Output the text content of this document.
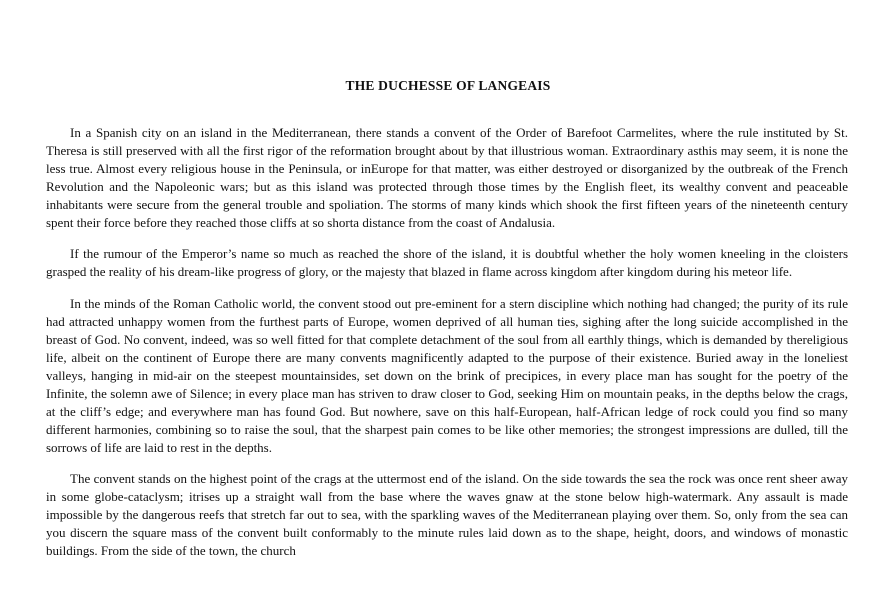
THE DUCHESSE OF LANGEAIS

In a Spanish city on an island in the Mediterranean, there stands a convent of the Order of Barefoot Carmelites, where the rule instituted by St. Theresa is still preserved with all the first rigor of the reformation brought about by that illustrious woman. Extraordinary asthis may seem, it is none the less true. Almost every religious house in the Peninsula, or inEurope for that matter, was either destroyed or disorganized by the outbreak of the French Revolution and the Napoleonic wars; but as this island was protected through those times by the English fleet, its wealthy convent and peaceable inhabitants were secure from the general trouble and spoliation. The storms of many kinds which shook the first fifteen years of the nineteenth century spent their force before they reached those cliffs at so shorta distance from the coast of Andalusia.

If the rumour of the Emperor’s name so much as reached the shore of the island, it is doubtful whether the holy women kneeling in the cloisters grasped the reality of his dream-like progress of glory, or the majesty that blazed in flame across kingdom after kingdom during his meteor life.

In the minds of the Roman Catholic world, the convent stood out pre-eminent for a stern discipline which nothing had changed; the purity of its rule had attracted unhappy women from the furthest parts of Europe, women deprived of all human ties, sighing after the long suicide accomplished in the breast of God. No convent, indeed, was so well fitted for that complete detachment of the soul from all earthly things, which is demanded by thereligious life, albeit on the continent of Europe there are many convents magnificently adapted to the purpose of their existence. Buried away in the loneliest valleys, hanging in mid-air on the steepest mountainsides, set down on the brink of precipices, in every place man has sought for the poetry of the Infinite, the solemn awe of Silence; in every place man has striven to draw closer to God, seeking Him on mountain peaks, in the depths below the crags, at the cliff’s edge; and everywhere man has found God. But nowhere, save on this half-European, half-African ledge of rock could you find so many different harmonies, combining so to raise the soul, that the sharpest pain comes to be like other memories; the strongest impressions are dulled, till the sorrows of life are laid to rest in the depths.

The convent stands on the highest point of the crags at the uttermost end of the island. On the side towards the sea the rock was once rent sheer away in some globe-cataclysm; itrises up a straight wall from the base where the waves gnaw at the stone below high-watermark. Any assault is made impossible by the dangerous reefs that stretch far out to sea, with the sparkling waves of the Mediterranean playing over them. So, only from the sea can you discern the square mass of the convent built conformably to the minute rules laid down as to the shape, height, doors, and windows of monastic buildings. From the side of the town, the church
